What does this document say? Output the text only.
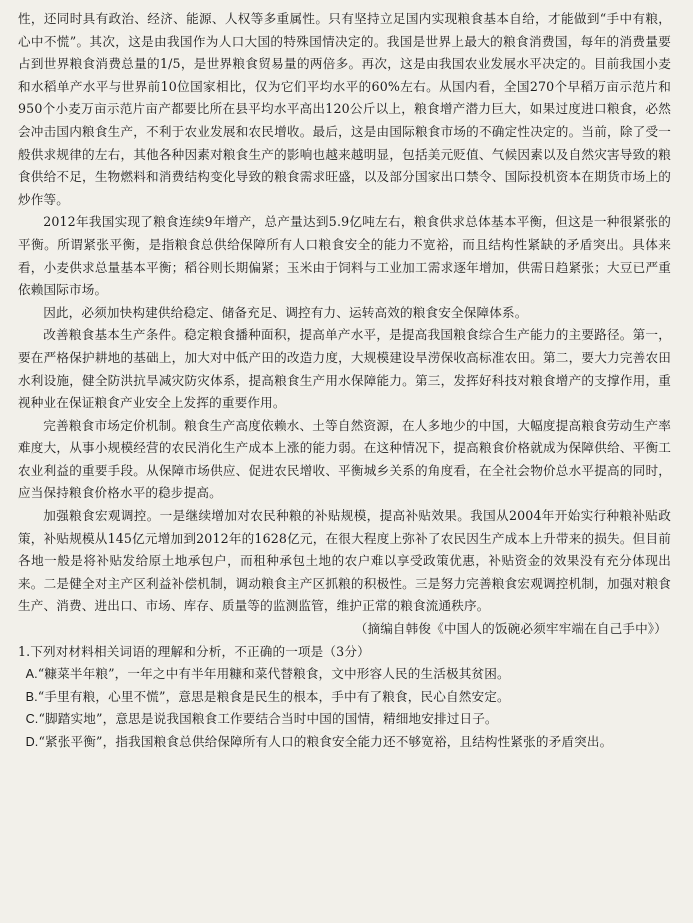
性，还同时具有政治、经济、能源、人权等多重属性。只有坚持立足国内实现粮食基本自给，才能做到“手中有粮，心中不慌”。其次，这是由我国作为人口大国的特殊国情决定的。我国是世界上最大的粮食消费国，每年的消费量要占到世界粮食消费总量的1/5，是世界粮食贸易量的两倍多。再次，这是由我国农业发展水平决定的。目前我国小麦和水稻单产水平与世界前10位国家相比，仅为它们平均水平的60%左右。从国内看，全国270个早稻万亩示范片和950个小麦万亩示范片亩产都要比所在县平均水平高出120公斤以上，粮食增产潜力巨大，如果过度进口粮食，必然会冲击国内粮食生产，不利于农业发展和农民增收。最后，这是由国际粮食市场的不确定性决定的。当前，除了受一般供求规律的左右，其他各种因素对粮食生产的影响也越来越明显，包括美元贬值、气候因素以及自然灾害导致的粮食供给不足，生物燃料和消费结构变化导致的粮食需求旺盛，以及部分国家出口禁令、国际投机资本在期货市场上的炒作等。

2012年我国实现了粮食连续9年增产，总产量达到5.9亿吨左右，粮食供求总体基本平衡，但这是一种很紧张的平衡。所谓紧张平衡，是指粮食总供给保障所有人口粮食安全的能力不宽裕，而且结构性紧缺的矛盾突出。具体来看，小麦供求总量基本平衡；稻谷则长期偏紧；玉米由于饲料与工业加工需求逐年增加，供需日趋紧张；大豆已严重依赖国际市场。

因此，必须加快构建供给稳定、储备充足、调控有力、运转高效的粮食安全保障体系。

改善粮食基本生产条件。稳定粮食播种面积，提高单产水平，是提高我国粮食综合生产能力的主要路径。第一，要在严格保护耕地的基础上，加大对中低产田的改造力度，大规模建设旱涝保收高标准农田。第二，要大力完善农田水利设施，健全防洪抗旱减灾防灾体系，提高粮食生产用水保障能力。第三，发挥好科技对粮食增产的支撑作用，重视种业在保证粮食产业安全上发挥的重要作用。

完善粮食市场定价机制。粮食生产高度依赖水、土等自然资源，在人多地少的中国，大幅度提高粮食劳动生产率难度大，从事小规模经营的农民消化生产成本上涨的能力弱。在这种情况下，提高粮食价格就成为保障供给、平衡工农业利益的重要手段。从保障市场供应、促进农民增收、平衡城乡关系的角度看，在全社会物价总水平提高的同时，应当保持粮食价格水平的稳步提高。

加强粮食宏观调控。一是继续增加对农民种粮的补贴规模，提高补贴效果。我国从2004年开始实行种粮补贴政策，补贴规模从145亿元增加到2012年的1628亿元，在很大程度上弥补了农民因生产成本上升带来的损失。但目前各地一般是将补贴发给原土地承包户，而租种承包土地的农户难以享受政策优惠，补贴资金的效果没有充分体现出来。二是健全对主产区利益补偿机制，调动粮食主产区抓粮的积极性。三是努力完善粮食宏观调控机制，加强对粮食生产、消费、进出口、市场、库存、质量等的监测监管，维护正常的粮食流通秩序。

（摘编自韩俊《中国人的饭碗必须牢牢端在自己手中》）

1.下列对材料相关词语的理解和分析，不正确的一项是（3分）

A.“糠菜半年粮”，一年之中有半年用糠和菜代替粮食，文中形容人民的生活极其贫困。

B.“手里有粮，心里不慌”，意思是粮食是民生的根本，手中有了粮食，民心自然安定。

C.“脚踏实地”，意思是说我国粮食工作要结合当时中国的国情，精细地安排过日子。

D.“紧张平衡”，指我国粮食总供给保障所有人口的粮食安全能力还不够宽裕，且结构性紧张的矛盾突出。
